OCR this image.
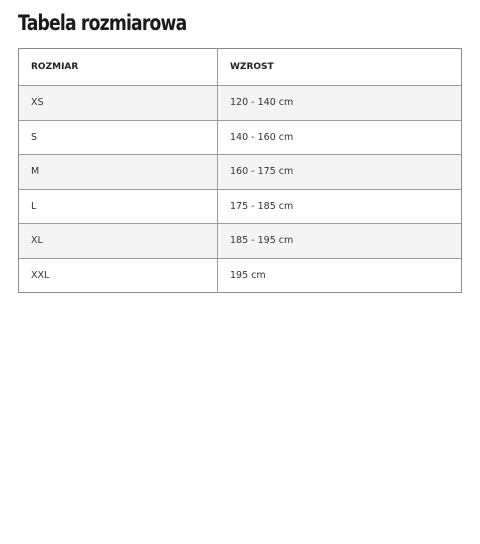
Tabela rozmiarowa
ROZMIAR	WZROST
XS	120 - 140 cm
S	140 - 160 cm
M	160 - 175 cm
L	175 - 185 cm
XL	185 - 195 cm
XXL	195 cm
